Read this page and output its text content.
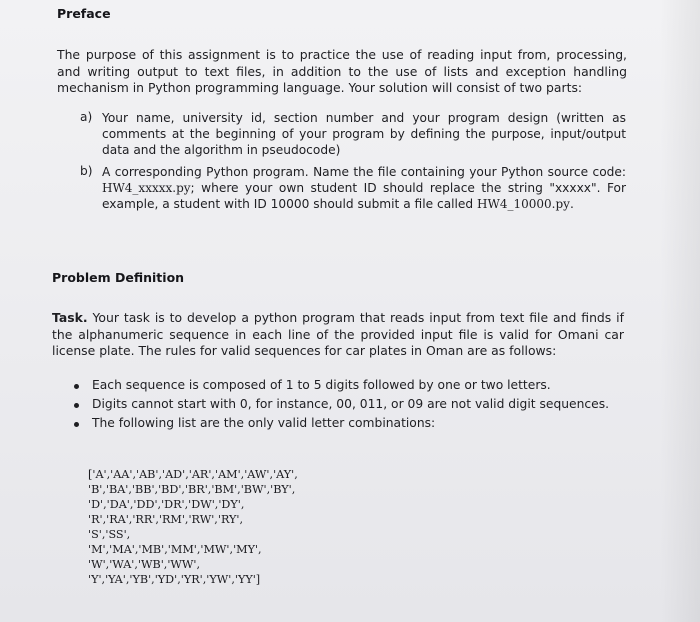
Preface
The purpose of this assignment is to practice the use of reading input from, processing, and writing output to text files, in addition to the use of lists and exception handling mechanism in Python programming language. Your solution will consist of two parts:
a) Your name, university id, section number and your program design (written as comments at the beginning of your program by defining the purpose, input/output data and the algorithm in pseudocode)
b) A corresponding Python program. Name the file containing your Python source code: HW4_xxxxx.py; where your own student ID should replace the string "xxxxx". For example, a student with ID 10000 should submit a file called HW4_10000.py.
Problem Definition
Task. Your task is to develop a python program that reads input from text file and finds if the alphanumeric sequence in each line of the provided input file is valid for Omani car license plate. The rules for valid sequences for car plates in Oman are as follows:
Each sequence is composed of 1 to 5 digits followed by one or two letters.
Digits cannot start with 0, for instance, 00, 011, or 09 are not valid digit sequences.
The following list are the only valid letter combinations:
['A','AA','AB','AD','AR','AM','AW','AY',
'B','BA','BB','BD','BR','BM','BW','BY',
'D','DA','DD','DR','DW','DY',
'R','RA','RR','RM','RW','RY',
'S','SS',
'M','MA','MB','MM','MW','MY',
'W','WA','WB','WW',
'Y','YA','YB','YD','YR','YW','YY']
